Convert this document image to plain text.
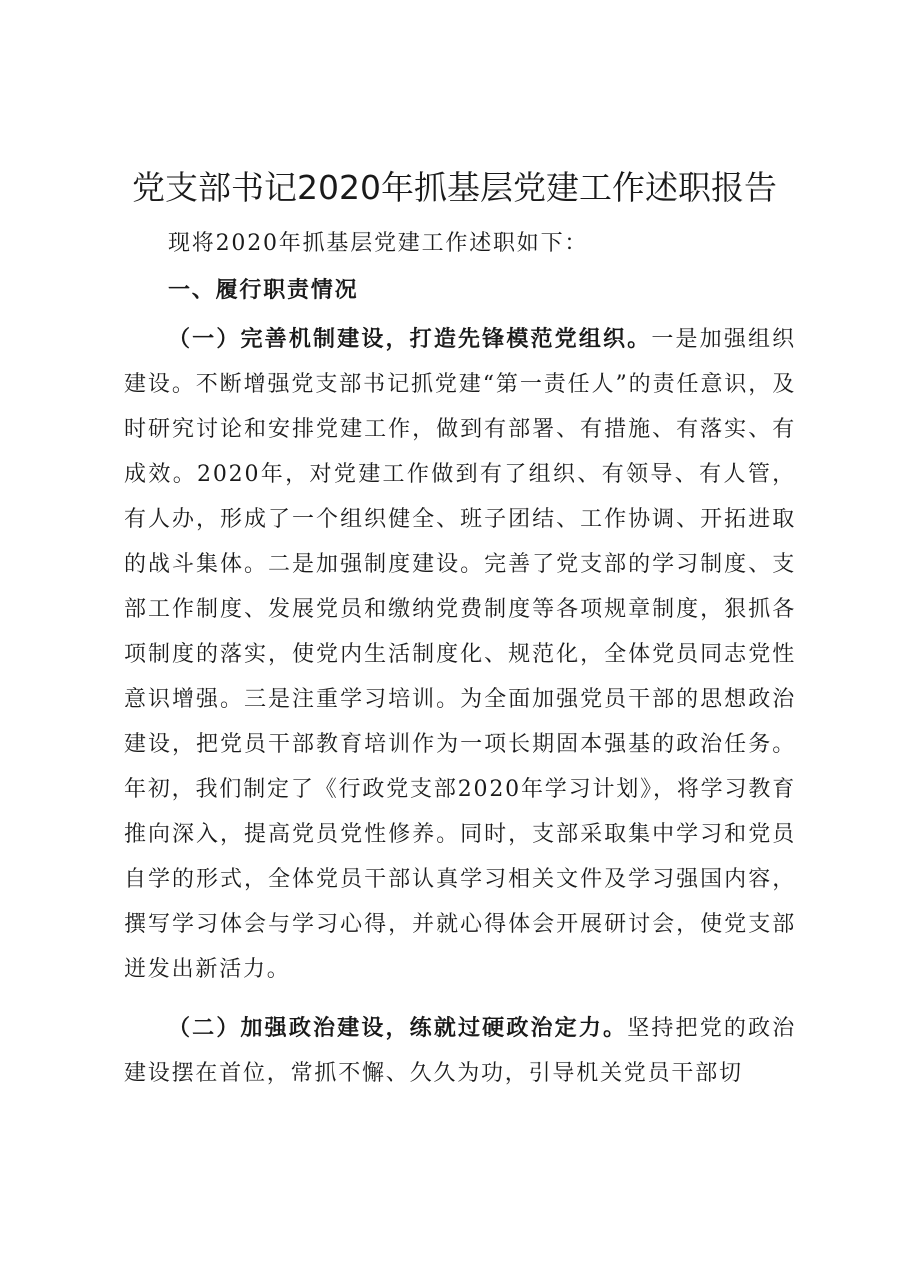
党支部书记2020年抓基层党建工作述职报告

现将2020年抓基层党建工作述职如下：

一、履行职责情况

（一）完善机制建设，打造先锋模范党组织。一是加强组织建设。不断增强党支部书记抓党建“第一责任人”的责任意识，及时研究讨论和安排党建工作，做到有部署、有措施、有落实、有成效。2020年，对党建工作做到有了组织、有领导、有人管，有人办，形成了一个组织健全、班子团结、工作协调、开拓进取的战斗集体。二是加强制度建设。完善了党支部的学习制度、支部工作制度、发展党员和缴纳党费制度等各项规章制度，狠抓各项制度的落实，使党内生活制度化、规范化，全体党员同志党性意识增强。三是注重学习培训。为全面加强党员干部的思想政治建设，把党员干部教育培训作为一项长期固本强基的政治任务。年初，我们制定了《行政党支部2020年学习计划》，将学习教育推向深入，提高党员党性修养。同时，支部采取集中学习和党员自学的形式，全体党员干部认真学习相关文件及学习强国内容，撰写学习体会与学习心得，并就心得体会开展研讨会，使党支部迸发出新活力。

（二）加强政治建设，练就过硬政治定力。坚持把党的政治建设摆在首位，常抓不懈、久久为功，引导机关党员干部切
